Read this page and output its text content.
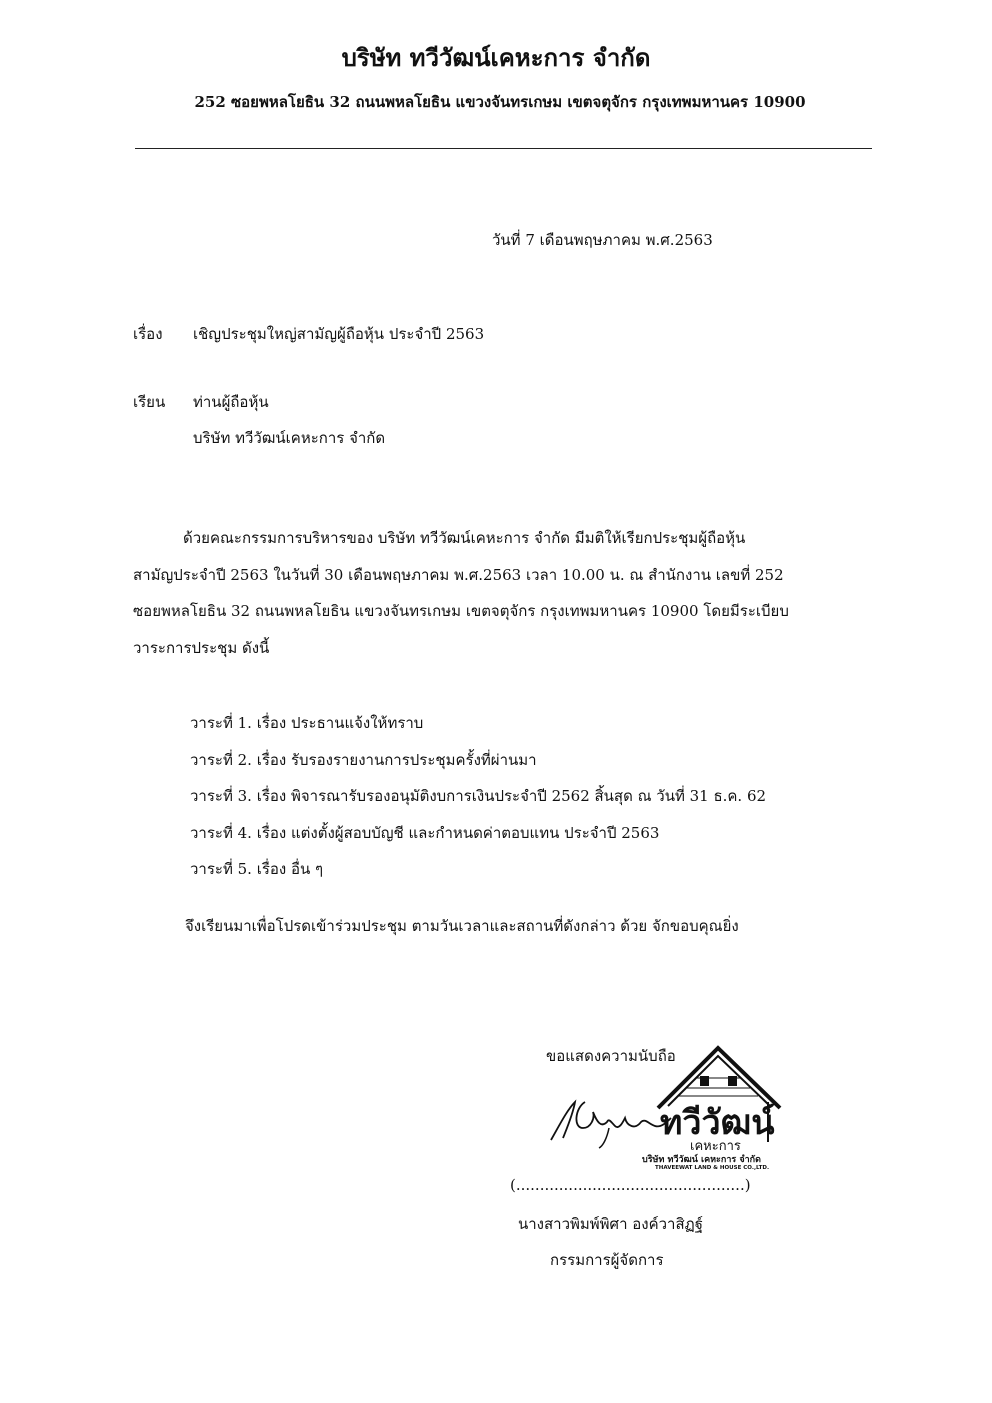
บริษัท ทวีวัฒน์เคหะการ จำกัด
252 ซอยพหลโยธิน 32 ถนนพหลโยธิน แขวงจันทรเกษม เขตจตุจักร กรุงเทพมหานคร 10900
วันที่ 7 เดือนพฤษภาคม พ.ศ.2563
เรื่อง เชิญประชุมใหญ่สามัญผู้ถือหุ้น ประจำปี 2563
เรียน ท่านผู้ถือหุ้น
บริษัท ทวีวัฒน์เคหะการ จำกัด
ด้วยคณะกรรมการบริหารของ บริษัท ทวีวัฒน์เคหะการ จำกัด มีมติให้เรียกประชุมผู้ถือหุ้น
สามัญประจำปี 2563 ในวันที่ 30 เดือนพฤษภาคม พ.ศ.2563 เวลา 10.00 น. ณ สำนักงาน เลขที่ 252
ซอยพหลโยธิน 32 ถนนพหลโยธิน แขวงจันทรเกษม เขตจตุจักร กรุงเทพมหานคร 10900 โดยมีระเบียบ
วาระการประชุม ดังนี้
วาระที่ 1. เรื่อง ประธานแจ้งให้ทราบ
วาระที่ 2. เรื่อง รับรองรายงานการประชุมครั้งที่ผ่านมา
วาระที่ 3. เรื่อง พิจารณารับรองอนุมัติงบการเงินประจำปี 2562 สิ้นสุด ณ วันที่ 31 ธ.ค. 62
วาระที่ 4. เรื่อง แต่งตั้งผู้สอบบัญชี และกำหนดค่าตอบแทน ประจำปี 2563
วาระที่ 5. เรื่อง อื่น ๆ
จึงเรียนมาเพื่อโปรดเข้าร่วมประชุม ตามวันเวลาและสถานที่ดังกล่าว ด้วย จักขอบคุณยิ่ง
ขอแสดงความนับถือ
ทวีวัฒน์
เคหะการ
บริษัท ทวีวัฒน์ เคหะการ จำกัด
THAVEEWAT LAND & HOUSE CO.,LTD.
(................................................)
นางสาวพิมพ์พิศา องค์วาสิฏฐ์
กรรมการผู้จัดการ
